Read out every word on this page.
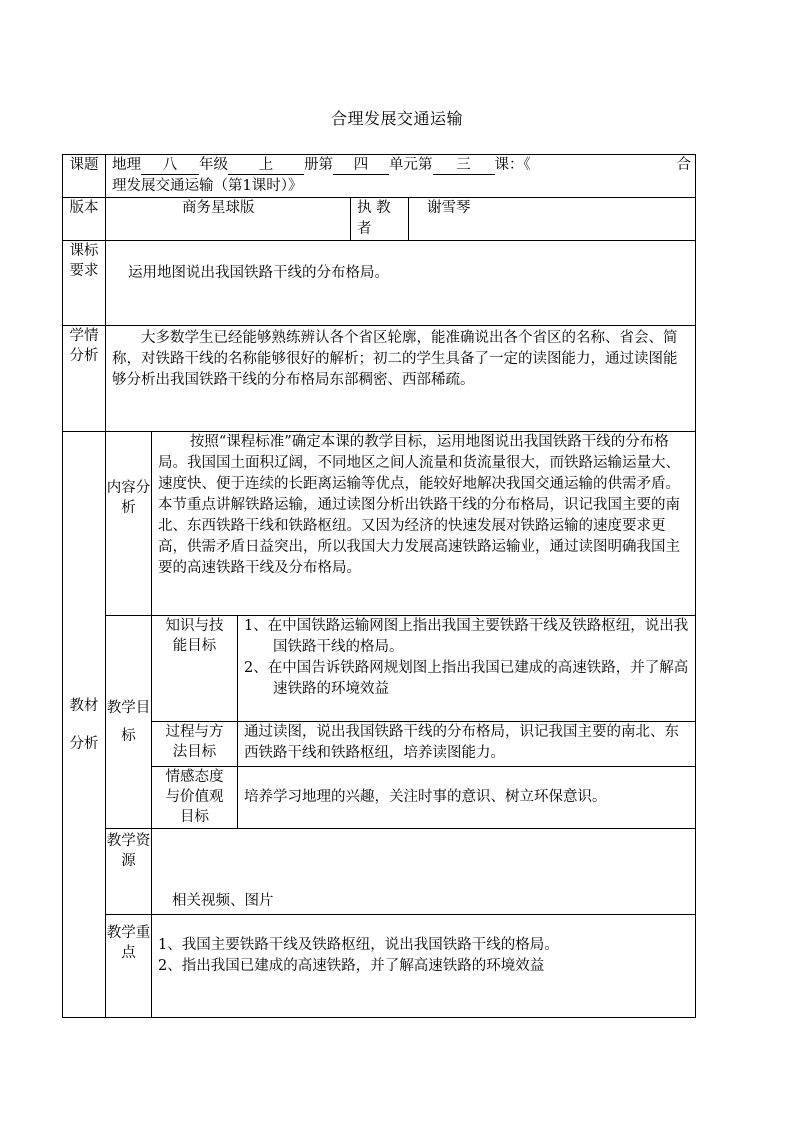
合理发展交通运输
课题	地理 八 年级 上 册第 四 单元第 三 课：《 合
理发展交通运输（第1课时）》				

版本	商务星球版			执 教者	谢雪琴

课标要求	运用地图说出我国铁路干线的分布格局。				

学情分析	大多数学生已经能够熟练辨认各个省区轮廓，能准确说出各个省区的名称、省会、简称，对铁路干线的名称能够很好的解析；初二的学生具备了一定的读图能力，通过读图能够分析出我国铁路干线的分布格局东部稠密、西部稀疏。				

教材分析	内容分析	按照“课程标准”确定本课的教学目标，运用地图说出我国铁路干线的分布格局。我国国土面积辽阔，不同地区之间人流量和货流量很大，而铁路运输运量大、速度快、便于连续的长距离运输等优点，能较好地解决我国交通运输的供需矛盾。本节重点讲解铁路运输，通过读图分析出铁路干线的分布格局，识记我国主要的南北、东西铁路干线和铁路枢纽。又因为经济的快速发展对铁路运输的速度要求更高，供需矛盾日益突出，所以我国大力发展高速铁路运输业，通过读图明确我国主要的高速铁路干线及分布格局。			

	教学目标	知识与技能目标	1、在中国铁路运输网图上指出我国主要铁路干线及铁路枢纽，说出我国铁路干线的格局。
2、在中国告诉铁路网规划图上指出我国已建成的高速铁路，并了解高速铁路的环境效益		

		过程与方法目标	通过读图，说出我国铁路干线的分布格局，识记我国主要的南北、东西铁路干线和铁路枢纽，培养读图能力。		
		情感态度与价值观目标	培养学习地理的兴趣，关注时事的意识、树立环保意识。		

	教学资源	相关视频、图片			

	教学重点	1、我国主要铁路干线及铁路枢纽，说出我国铁路干线的格局。
2、指出我国已建成的高速铁路，并了解高速铁路的环境效益			
